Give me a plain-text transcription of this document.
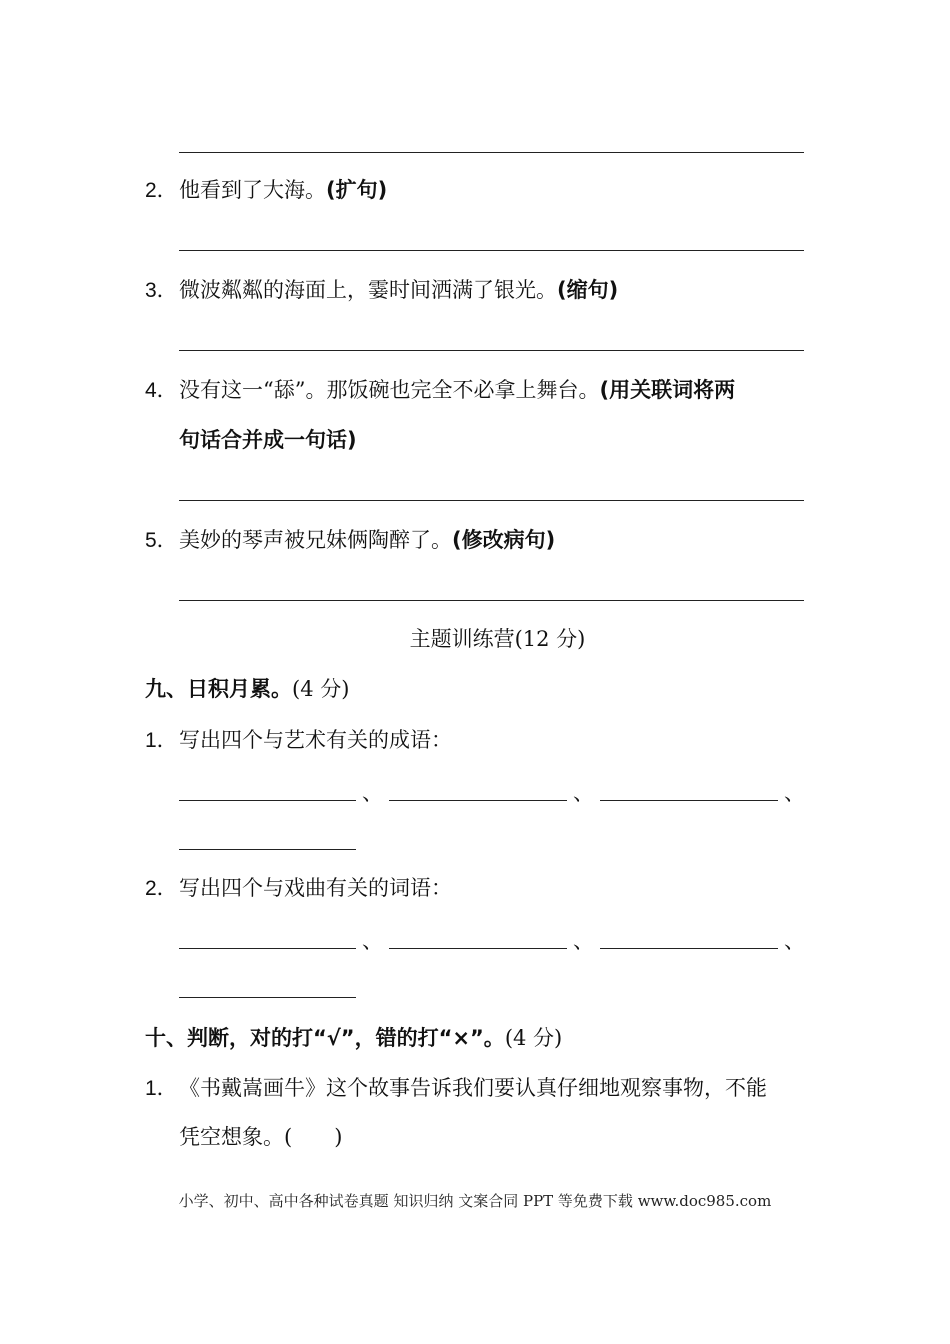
2．他看到了大海。(扩句)
3．微波粼粼的海面上，霎时间洒满了银光。(缩句)
4．没有这一“舔”。那饭碗也完全不必拿上舞台。(用关联词将两
句话合并成一句话)
5．美妙的琴声被兄妹俩陶醉了。(修改病句)
主题训练营(12 分)
九、日积月累。(4 分)
1．写出四个与艺术有关的成语：
、	、	、
2．写出四个与戏曲有关的词语：
、	、	、
十、判断，对的打“√”，错的打“×”。(4 分)
1．《书戴嵩画牛》这个故事告诉我们要认真仔细地观察事物，不能
凭空想象。(　　)
小学、初中、高中各种试卷真题 知识归纳 文案合同 PPT 等免费下载 www.doc985.com
